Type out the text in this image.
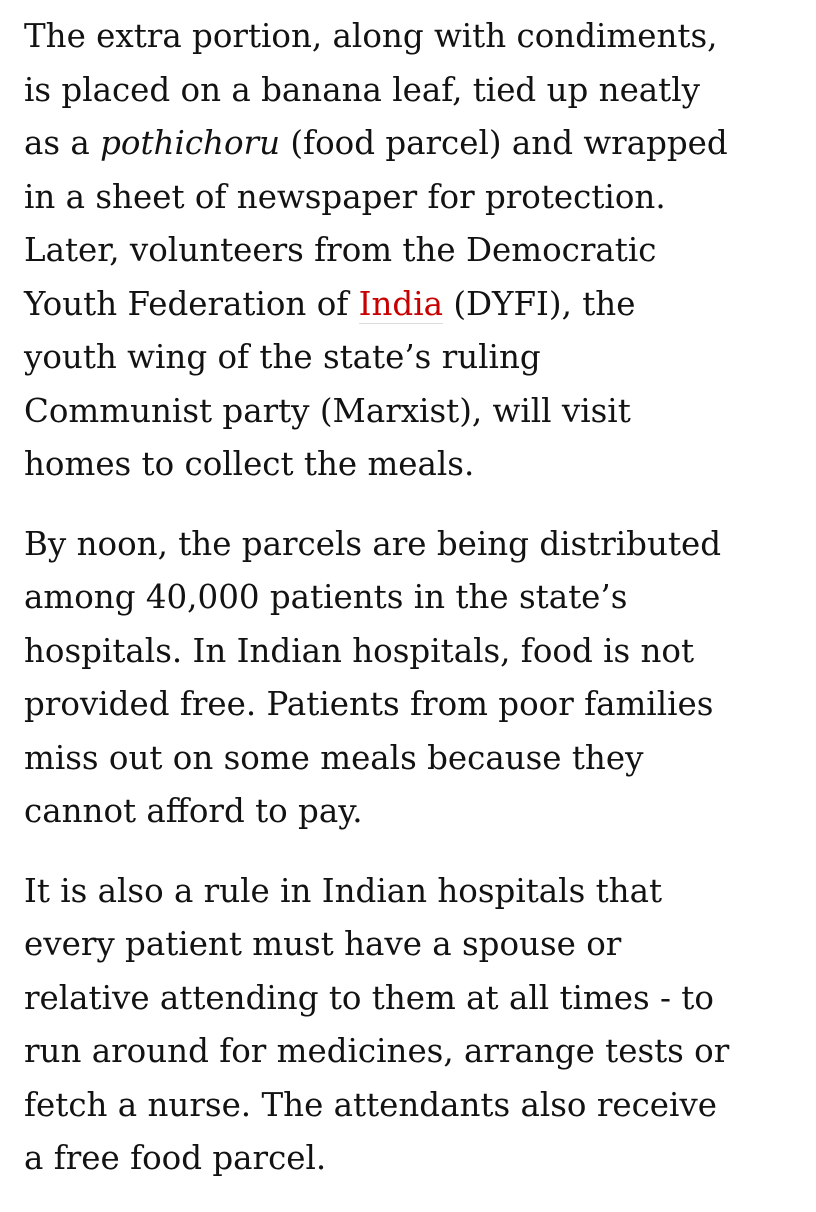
The extra portion, along with condiments,
is placed on a banana leaf, tied up neatly
as a pothichoru (food parcel) and wrapped
in a sheet of newspaper for protection.
Later, volunteers from the Democratic
Youth Federation of India (DYFI), the
youth wing of the state’s ruling
Communist party (Marxist), will visit
homes to collect the meals.

By noon, the parcels are being distributed
among 40,000 patients in the state’s
hospitals. In Indian hospitals, food is not
provided free. Patients from poor families
miss out on some meals because they
cannot afford to pay.

It is also a rule in Indian hospitals that
every patient must have a spouse or
relative attending to them at all times - to
run around for medicines, arrange tests or
fetch a nurse. The attendants also receive
a free food parcel.
